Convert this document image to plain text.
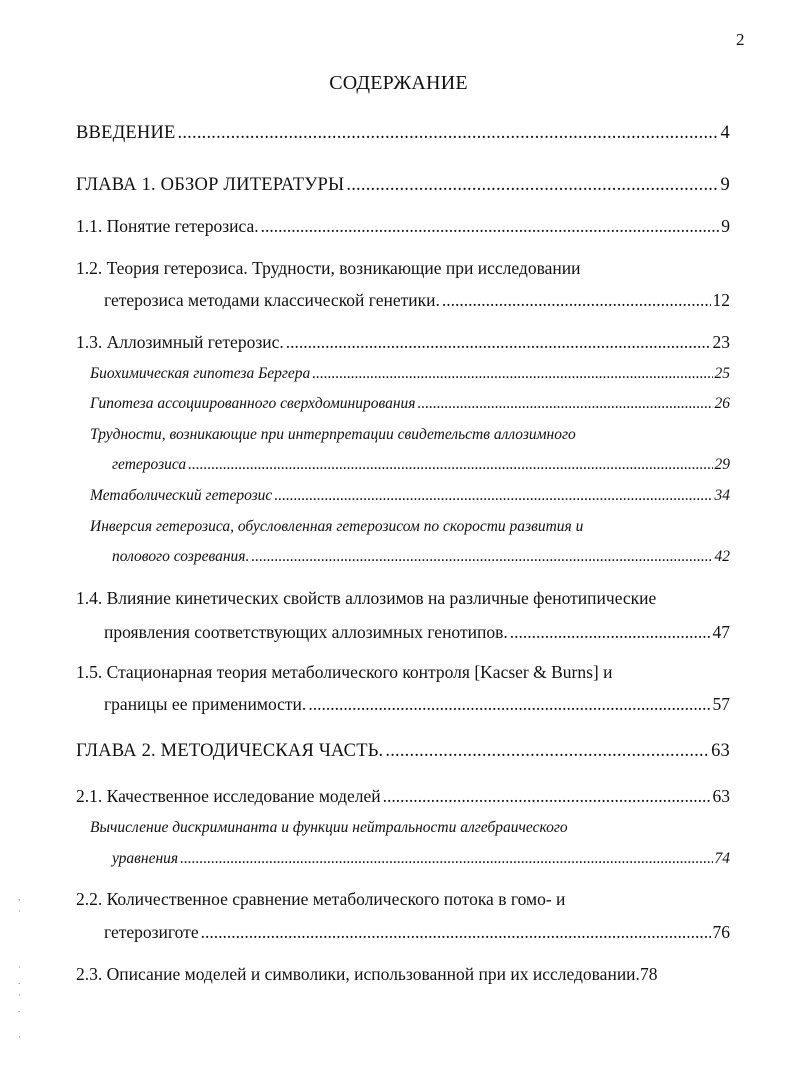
2
СОДЕРЖАНИЕ
ВВЕДЕНИЕ .....	4
ГЛАВА 1. ОБЗОР ЛИТЕРАТУРЫ .....	9
1.1. Понятие гетерозиса. .....	9
1.2. Теория гетерозиса. Трудности, возникающие при исследовании
гетерозиса методами классической генетики. .....	12
1.3. Аллозимный гетерозис. .....	23
Биохимическая гипотеза Бергера .....	25
Гипотеза ассоциированного сверхдоминирования .....	26
Трудности, возникающие при интерпретации свидетельств аллозимного
гетерозиса .....	29
Метаболический гетерозис .....	34
Инверсия гетерозиса, обусловленная гетерозисом по скорости развития и
полового созревания. .....	42
1.4. Влияние кинетических свойств аллозимов на различные фенотипические
проявления соответствующих аллозимных генотипов. .....	47
1.5. Стационарная теория метаболического контроля [Kacser & Burns] и
границы ее применимости. .....	57
ГЛАВА 2. МЕТОДИЧЕСКАЯ ЧАСТЬ. .....	63
2.1. Качественное исследование моделей .....	63
Вычисление дискриминанта и функции нейтральности алгебраического
уравнения .....	74
2.2. Количественное сравнение метаболического потока в гомо- и
гетерозиготе .....	76
2.3. Описание моделей и символики, использованной при их исследовании. 78
,
·

·
.
·
.

·
